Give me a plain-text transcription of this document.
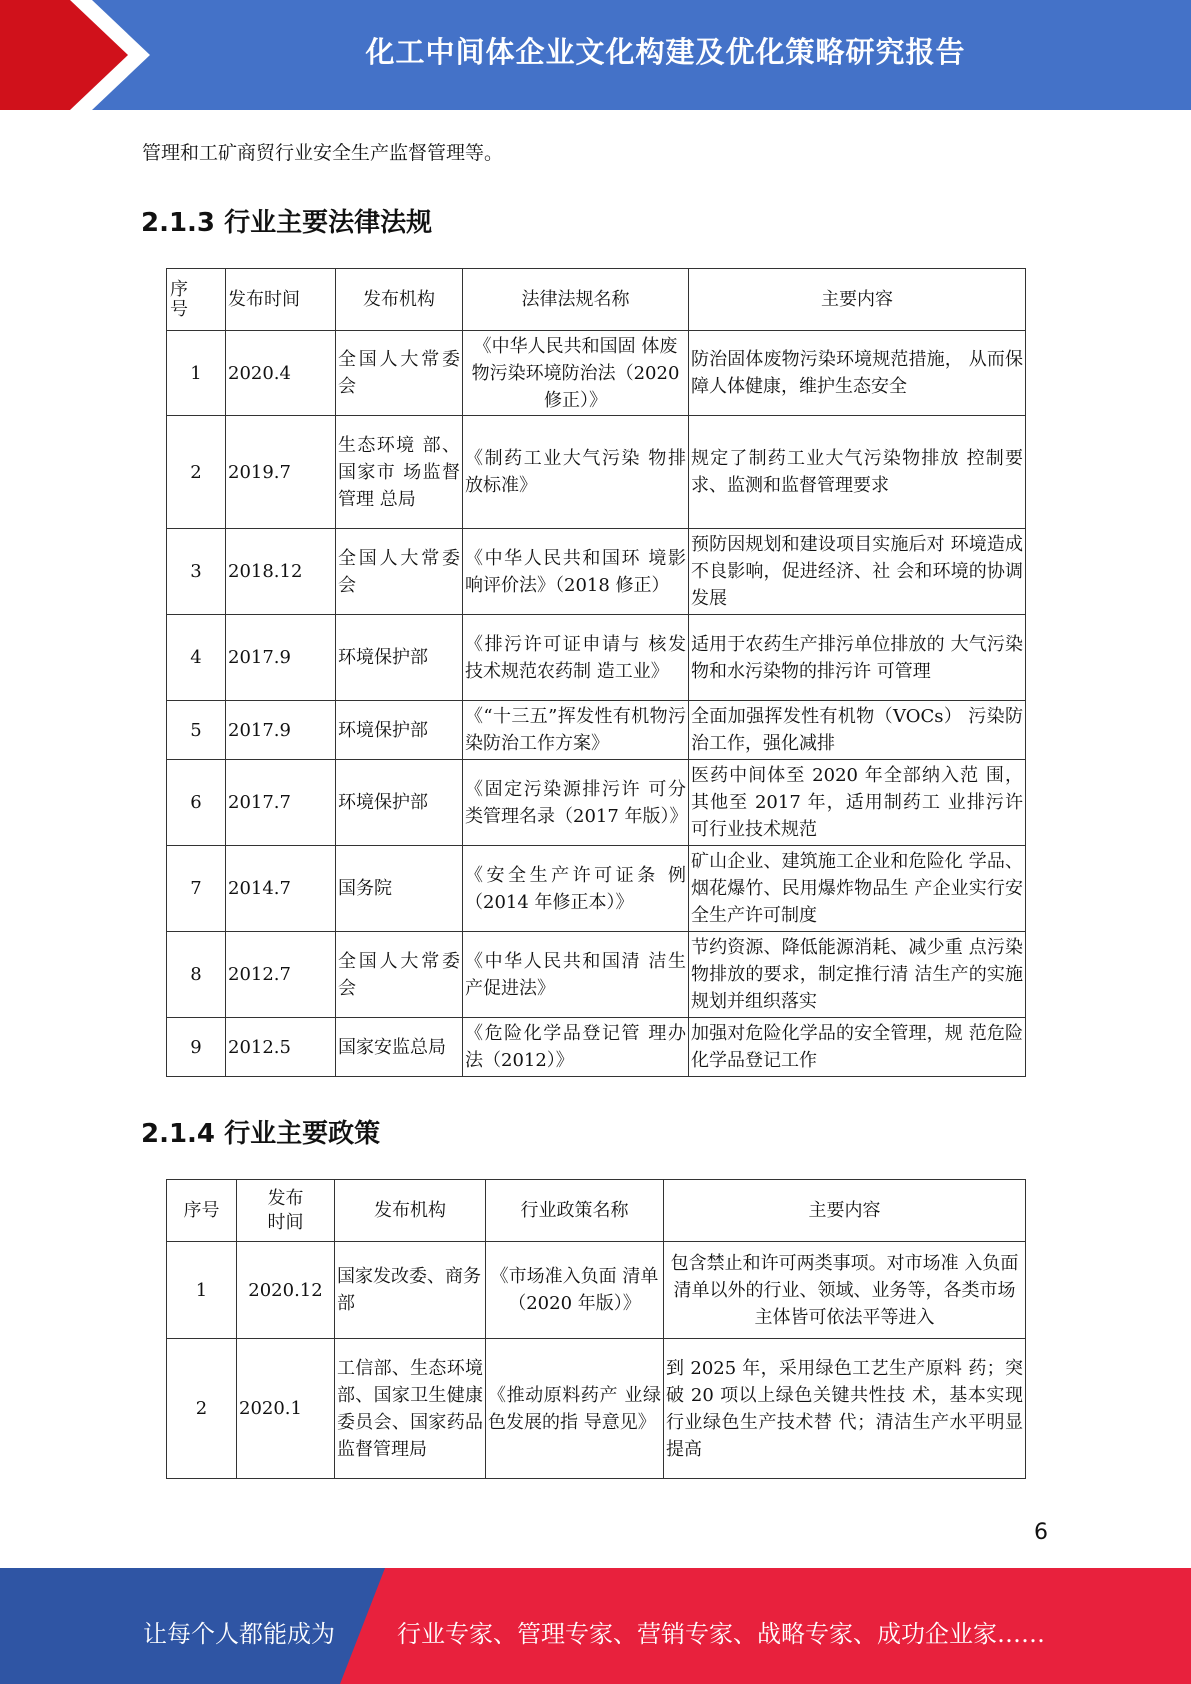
化工中间体企业文化构建及优化策略研究报告
管理和工矿商贸行业安全生产监督管理等。
2.1.3 行业主要法律法规
序号	发布时间	发布机构	法律法规名称	主要内容
1	2020.4	全国人大常委会	《中华人民共和国固 体废物污染环境防治法（2020 修正）》	防治固体废物污染环境规范措施， 从而保障人体健康，维护生态安全
2	2019.7	生态环境 部、国家市 场监督管理 总局	《制药工业大气污染 物排放标准》	规定了制药工业大气污染物排放 控制要求、监测和监督管理要求
3	2018.12	全国人大常委会	《中华人民共和国环 境影响评价法》（2018 修正）	预防因规划和建设项目实施后对 环境造成不良影响，促进经济、社 会和环境的协调发展
4	2017.9	环境保护部	《排污许可证申请与 核发技术规范农药制 造工业》	适用于农药生产排污单位排放的 大气污染物和水污染物的排污许 可管理
5	2017.9	环境保护部	《“十三五”挥发性有机物污染防治工作方案》	全面加强挥发性有机物（VOCs） 污染防治工作，强化减排
6	2017.7	环境保护部	《固定污染源排污许 可分类管理名录（2017 年版）》	医药中间体至 2020 年全部纳入范 围，其他至 2017 年，适用制药工 业排污许可行业技术规范
7	2014.7	国务院	《安全生产许可证条 例（2014 年修正本）》	矿山企业、建筑施工企业和危险化 学品、烟花爆竹、民用爆炸物品生 产企业实行安全生产许可制度
8	2012.7	全国人大常委会	《中华人民共和国清 洁生产促进法》	节约资源、降低能源消耗、减少重 点污染物排放的要求，制定推行清 洁生产的实施规划并组织落实
9	2012.5	国家安监总局	《危险化学品登记管 理办法（2012）》	加强对危险化学品的安全管理，规 范危险化学品登记工作
2.1.4 行业主要政策
序号	发布时间	发布机构	行业政策名称	主要内容
1	2020.12	国家发改委、商务部	《市场准入负面 清单（2020 年版）》	包含禁止和许可两类事项。对市场准 入负面清单以外的行业、领域、业务等，各类市场主体皆可依法平等进入
2	2020.1	工信部、生态环境部、国家卫生健康委员会、国家药品监督管理局	《推动原料药产 业绿色发展的指 导意见》	到 2025 年，采用绿色工艺生产原料 药；突破 20 项以上绿色关键共性技 术，基本实现行业绿色生产技术替 代；清洁生产水平明显提高
6
让每个人都能成为	行业专家、管理专家、营销专家、战略专家、成功企业家……
